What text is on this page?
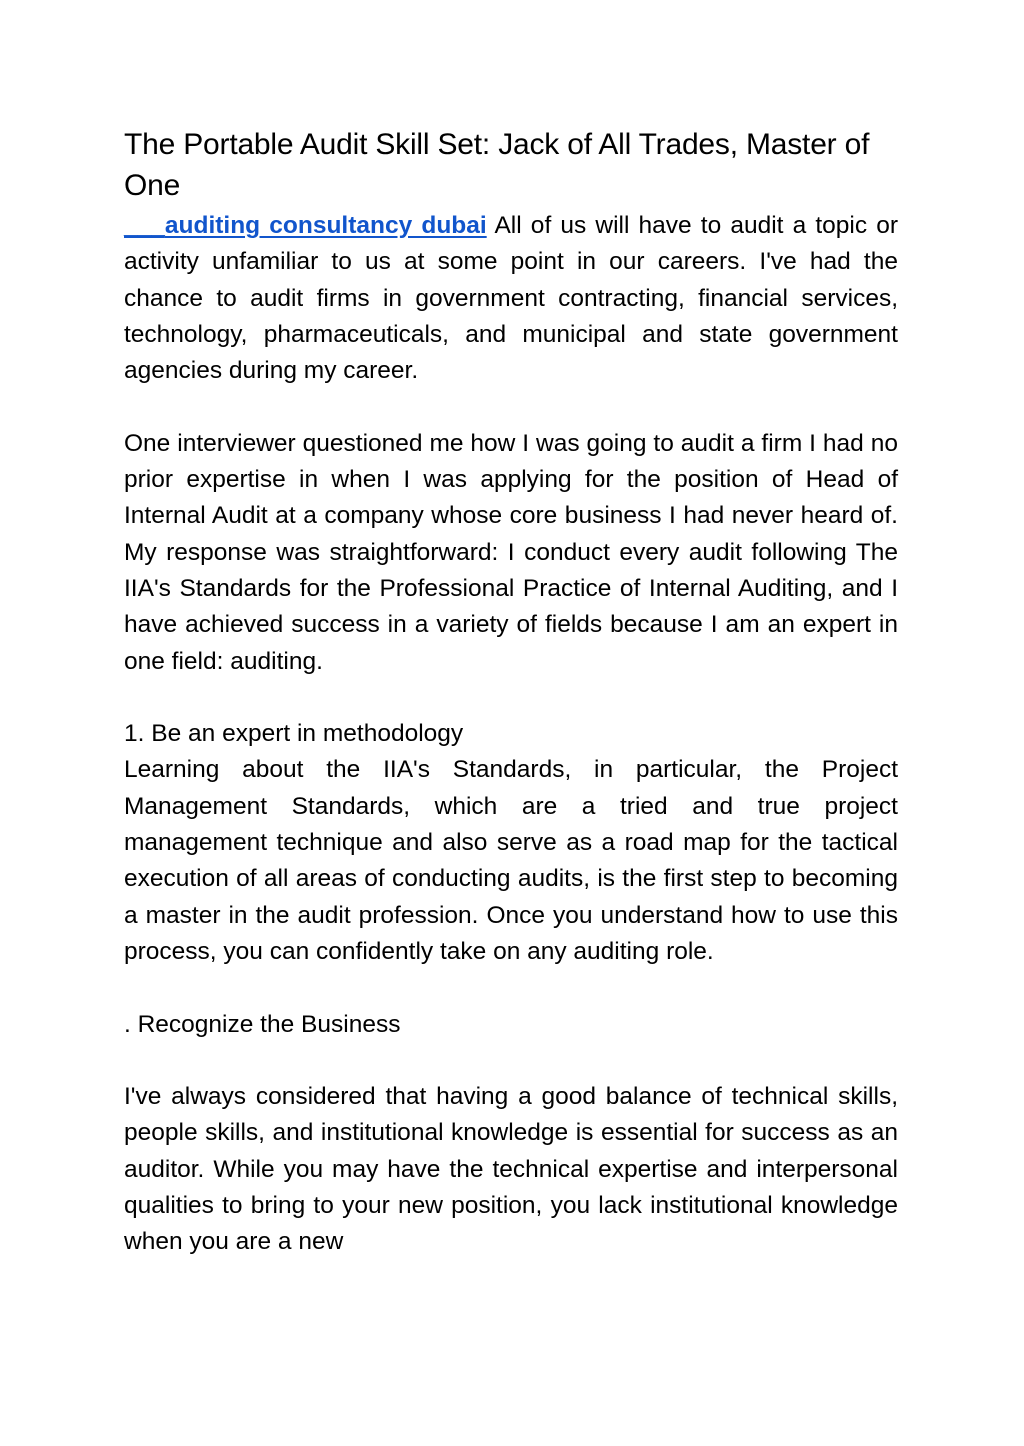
The Portable Audit Skill Set: Jack of All Trades, Master of One

___auditing consultancy dubai All of us will have to audit a topic or activity unfamiliar to us at some point in our careers. I've had the chance to audit firms in government contracting, financial services, technology, pharmaceuticals, and municipal and state government agencies during my career.

One interviewer questioned me how I was going to audit a firm I had no prior expertise in when I was applying for the position of Head of Internal Audit at a company whose core business I had never heard of. My response was straightforward: I conduct every audit following The IIA's Standards for the Professional Practice of Internal Auditing, and I have achieved success in a variety of fields because I am an expert in one field: auditing.

1. Be an expert in methodology

Learning about the IIA's Standards, in particular, the Project Management Standards, which are a tried and true project management technique and also serve as a road map for the tactical execution of all areas of conducting audits, is the first step to becoming a master in the audit profession. Once you understand how to use this process, you can confidently take on any auditing role.

. Recognize the Business

I've always considered that having a good balance of technical skills, people skills, and institutional knowledge is essential for success as an auditor. While you may have the technical expertise and interpersonal qualities to bring to your new position, you lack institutional knowledge when you are a new
